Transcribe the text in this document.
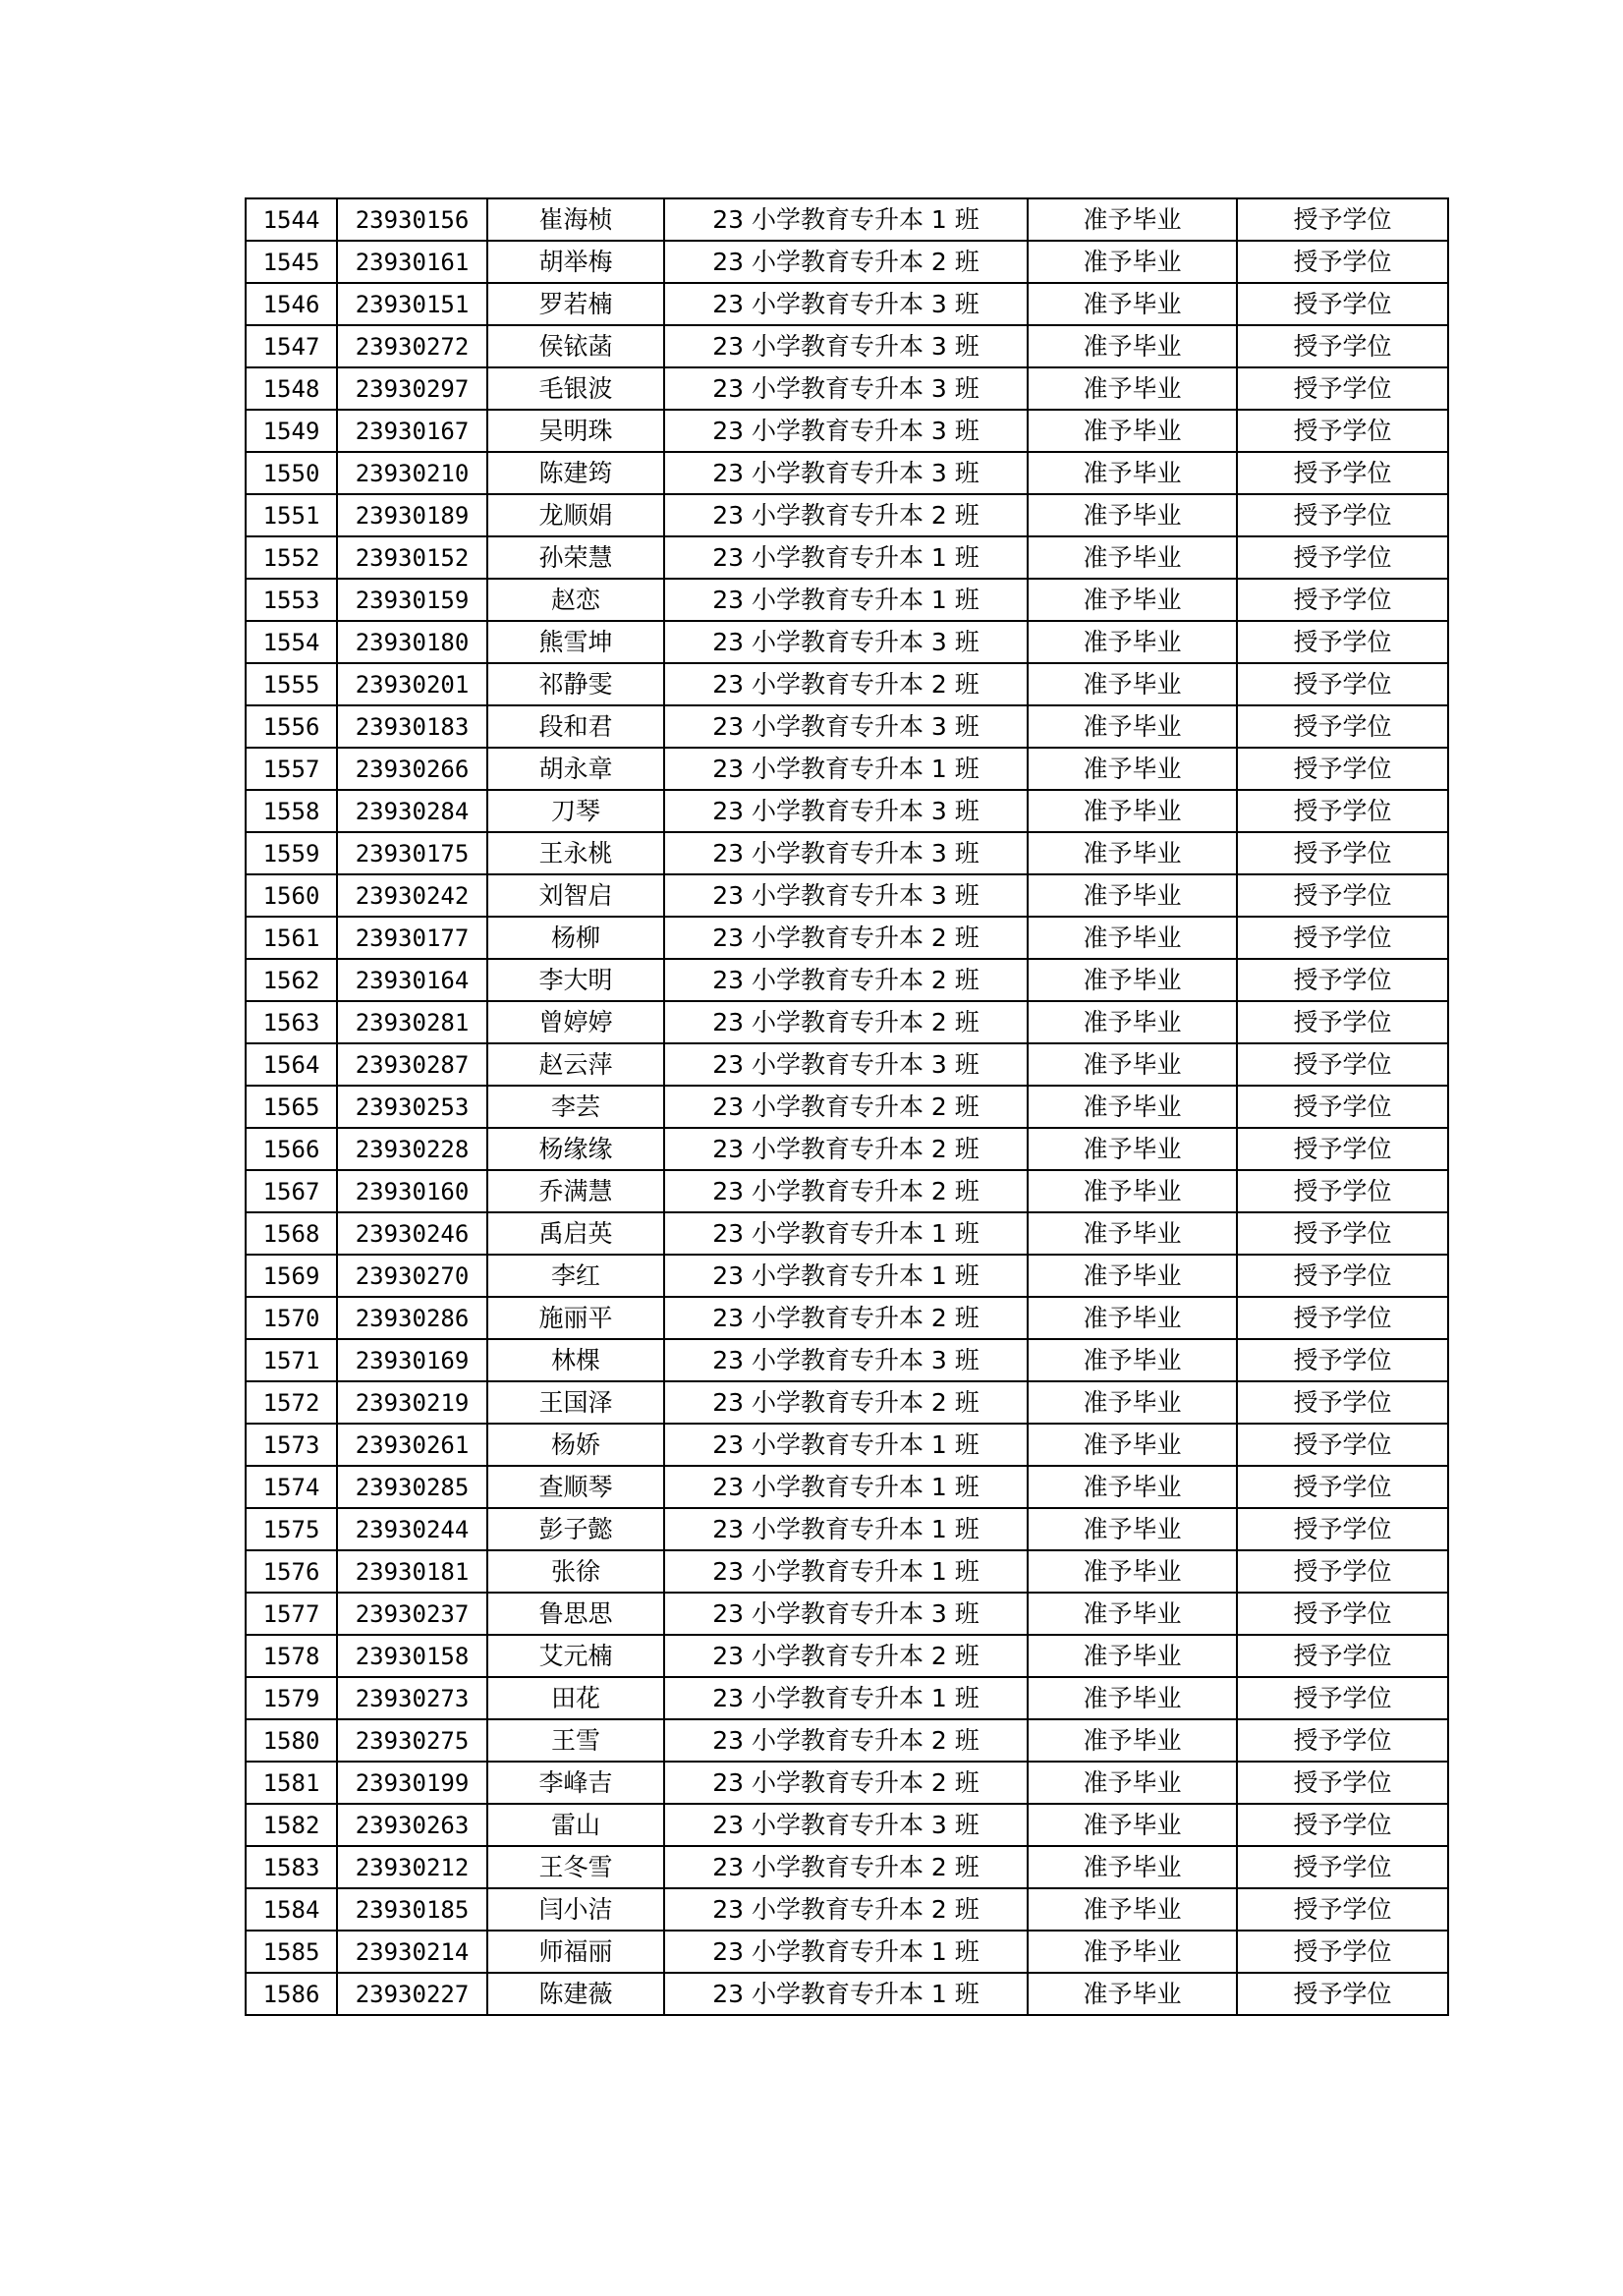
1544	23930156	崔海桢	23 小学教育专升本 1 班	准予毕业	授予学位
1545	23930161	胡举梅	23 小学教育专升本 2 班	准予毕业	授予学位
1546	23930151	罗若楠	23 小学教育专升本 3 班	准予毕业	授予学位
1547	23930272	侯铱菡	23 小学教育专升本 3 班	准予毕业	授予学位
1548	23930297	毛银波	23 小学教育专升本 3 班	准予毕业	授予学位
1549	23930167	吴明珠	23 小学教育专升本 3 班	准予毕业	授予学位
1550	23930210	陈建筠	23 小学教育专升本 3 班	准予毕业	授予学位
1551	23930189	龙顺娟	23 小学教育专升本 2 班	准予毕业	授予学位
1552	23930152	孙荣慧	23 小学教育专升本 1 班	准予毕业	授予学位
1553	23930159	赵恋	23 小学教育专升本 1 班	准予毕业	授予学位
1554	23930180	熊雪坤	23 小学教育专升本 3 班	准予毕业	授予学位
1555	23930201	祁静雯	23 小学教育专升本 2 班	准予毕业	授予学位
1556	23930183	段和君	23 小学教育专升本 3 班	准予毕业	授予学位
1557	23930266	胡永章	23 小学教育专升本 1 班	准予毕业	授予学位
1558	23930284	刀琴	23 小学教育专升本 3 班	准予毕业	授予学位
1559	23930175	王永桃	23 小学教育专升本 3 班	准予毕业	授予学位
1560	23930242	刘智启	23 小学教育专升本 3 班	准予毕业	授予学位
1561	23930177	杨柳	23 小学教育专升本 2 班	准予毕业	授予学位
1562	23930164	李大明	23 小学教育专升本 2 班	准予毕业	授予学位
1563	23930281	曾婷婷	23 小学教育专升本 2 班	准予毕业	授予学位
1564	23930287	赵云萍	23 小学教育专升本 3 班	准予毕业	授予学位
1565	23930253	李芸	23 小学教育专升本 2 班	准予毕业	授予学位
1566	23930228	杨缘缘	23 小学教育专升本 2 班	准予毕业	授予学位
1567	23930160	乔满慧	23 小学教育专升本 2 班	准予毕业	授予学位
1568	23930246	禹启英	23 小学教育专升本 1 班	准予毕业	授予学位
1569	23930270	李红	23 小学教育专升本 1 班	准予毕业	授予学位
1570	23930286	施丽平	23 小学教育专升本 2 班	准予毕业	授予学位
1571	23930169	林棵	23 小学教育专升本 3 班	准予毕业	授予学位
1572	23930219	王国泽	23 小学教育专升本 2 班	准予毕业	授予学位
1573	23930261	杨娇	23 小学教育专升本 1 班	准予毕业	授予学位
1574	23930285	查顺琴	23 小学教育专升本 1 班	准予毕业	授予学位
1575	23930244	彭子懿	23 小学教育专升本 1 班	准予毕业	授予学位
1576	23930181	张徐	23 小学教育专升本 1 班	准予毕业	授予学位
1577	23930237	鲁思思	23 小学教育专升本 3 班	准予毕业	授予学位
1578	23930158	艾元楠	23 小学教育专升本 2 班	准予毕业	授予学位
1579	23930273	田花	23 小学教育专升本 1 班	准予毕业	授予学位
1580	23930275	王雪	23 小学教育专升本 2 班	准予毕业	授予学位
1581	23930199	李峰吉	23 小学教育专升本 2 班	准予毕业	授予学位
1582	23930263	雷山	23 小学教育专升本 3 班	准予毕业	授予学位
1583	23930212	王冬雪	23 小学教育专升本 2 班	准予毕业	授予学位
1584	23930185	闫小洁	23 小学教育专升本 2 班	准予毕业	授予学位
1585	23930214	师福丽	23 小学教育专升本 1 班	准予毕业	授予学位
1586	23930227	陈建薇	23 小学教育专升本 1 班	准予毕业	授予学位
